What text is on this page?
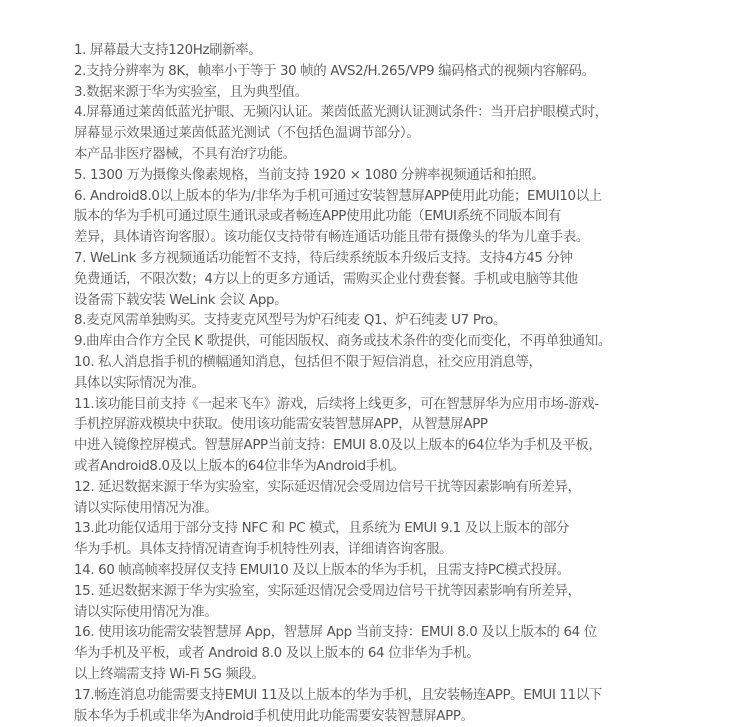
1. 屏幕最大支持120Hz刷新率。
2.支持分辨率为 8K，帧率小于等于 30 帧的 AVS2/H.265/VP9 编码格式的视频内容解码。
3.数据来源于华为实验室，且为典型值。
4.屏幕通过莱茵低蓝光护眼、无频闪认证。莱茵低蓝光测认证测试条件：当开启护眼模式时，
屏幕显示效果通过莱茵低蓝光测试（不包括色温调节部分）。
本产品非医疗器械，不具有治疗功能。
5. 1300 万为摄像头像素规格，当前支持 1920 × 1080 分辨率视频通话和拍照。
6. Android8.0以上版本的华为/非华为手机可通过安装智慧屏APP使用此功能；EMUI10以上
版本的华为手机可通过原生通讯录或者畅连APP使用此功能（EMUI系统不同版本间有
差异，具体请咨询客服）。该功能仅支持带有畅连通话功能且带有摄像头的华为儿童手表。
7. WeLink 多方视频通话功能暂不支持，待后续系统版本升级后支持。支持4方45 分钟
免费通话，不限次数；4方以上的更多方通话，需购买企业付费套餐。手机或电脑等其他
设备需下载安装 WeLink 会议 App。
8.麦克风需单独购买。支持麦克风型号为炉石纯麦 Q1、炉石纯麦 U7 Pro。
9.曲库由合作方全民 K 歌提供，可能因版权、商务或技术条件的变化而变化，不再单独通知。
10. 私人消息指手机的横幅通知消息，包括但不限于短信消息，社交应用消息等，
具体以实际情况为准。
11.该功能目前支持《一起来飞车》游戏，后续将上线更多，可在智慧屏华为应用市场-游戏-
手机控屏游戏模块中获取。使用该功能需安装智慧屏APP，从智慧屏APP
中进入镜像控屏模式。智慧屏APP当前支持：EMUI 8.0及以上版本的64位华为手机及平板，
或者Android8.0及以上版本的64位非华为Android手机。
12. 延迟数据来源于华为实验室，实际延迟情况会受周边信号干扰等因素影响有所差异，
请以实际使用情况为准。
13.此功能仅适用于部分支持 NFC 和 PC 模式，且系统为 EMUI 9.1 及以上版本的部分
华为手机。具体支持情况请查询手机特性列表，详细请咨询客服。
14. 60 帧高帧率投屏仅支持 EMUI10 及以上版本的华为手机，且需支持PC模式投屏。
15. 延迟数据来源于华为实验室，实际延迟情况会受周边信号干扰等因素影响有所差异，
请以实际使用情况为准。
16. 使用该功能需安装智慧屏 App，智慧屏 App 当前支持：EMUI 8.0 及以上版本的 64 位
华为手机及平板，或者 Android 8.0 及以上版本的 64 位非华为手机。
以上终端需支持 Wi-Fi 5G 频段。
17.畅连消息功能需要支持EMUI 11及以上版本的华为手机，且安装畅连APP。EMUI 11以下
版本华为手机或非华为Android手机使用此功能需要安装智慧屏APP。
